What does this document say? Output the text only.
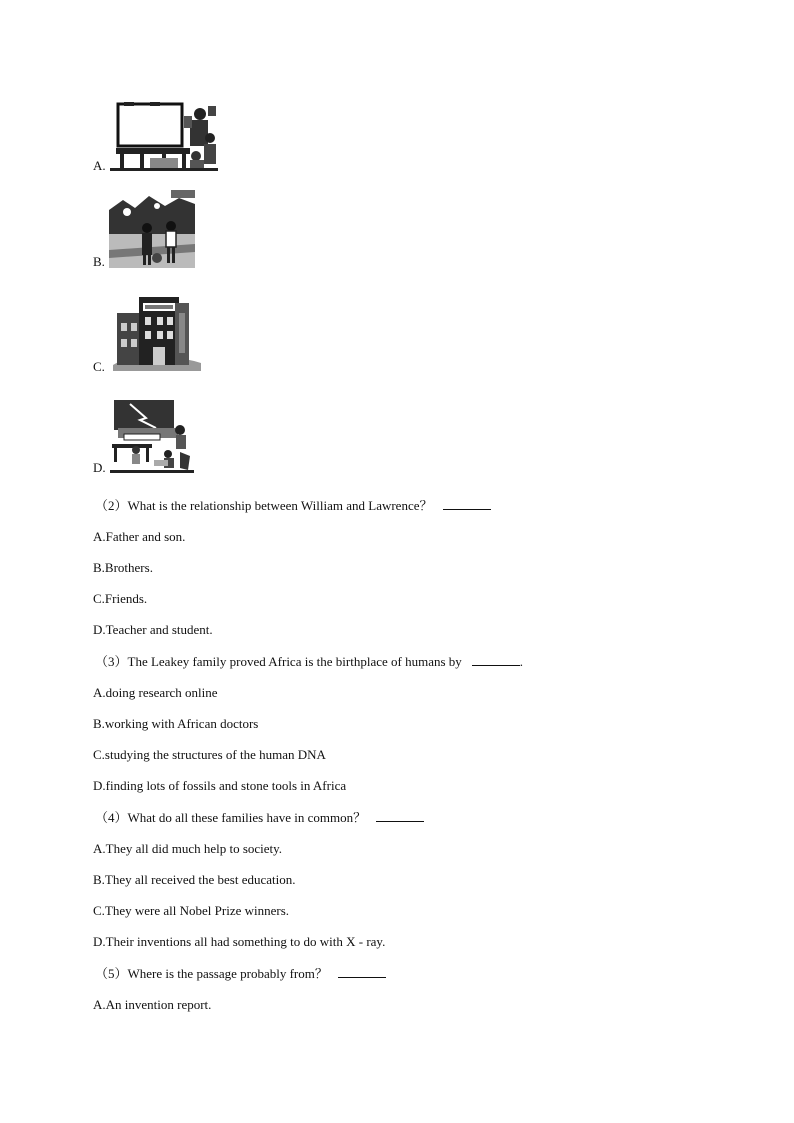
A.
B.
C.
D.
（2）What is the relationship between William and Lawrence？
A.Father and son.
B.Brothers.
C.Friends.
D.Teacher and student.
（3）The Leakey family proved Africa is the birthplace of humans by	.
A.doing research online
B.working with African doctors
C.studying the structures of the human DNA
D.finding lots of fossils and stone tools in Africa
（4）What do all these families have in common？
A.They all did much help to society.
B.They all received the best education.
C.They were all Nobel Prize winners.
D.Their inventions all had something to do with X - ray.
（5）Where is the passage probably from？
A.An invention report.
